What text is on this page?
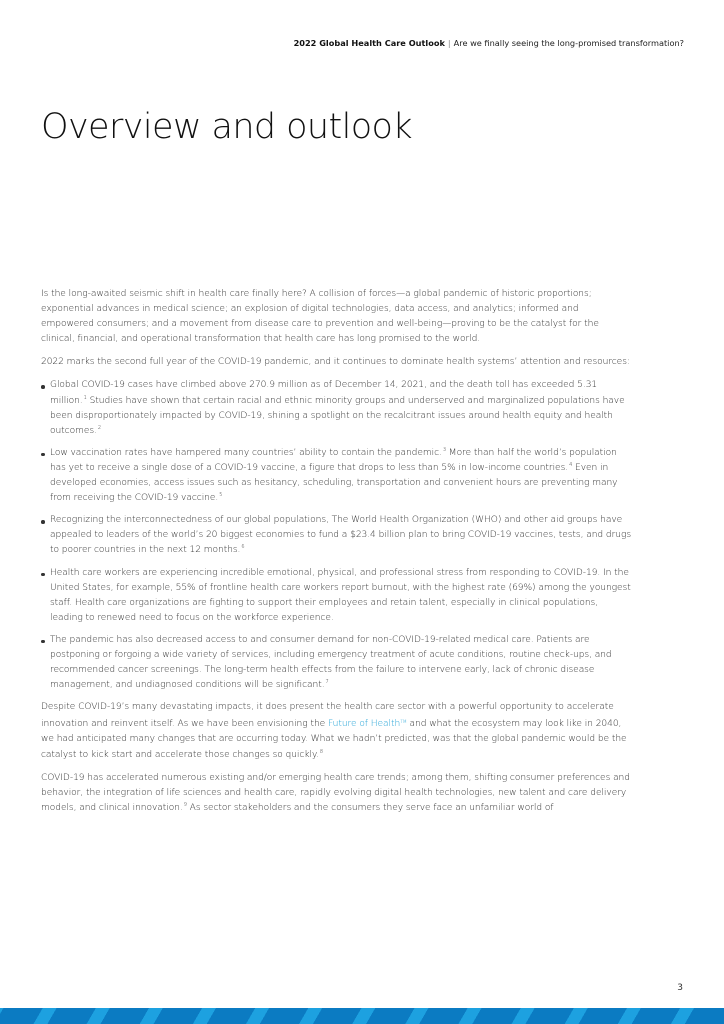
2022 Global Health Care Outlook | Are we finally seeing the long-promised transformation?
Overview and outlook

Is the long-awaited seismic shift in health care finally here? A collision of forces—a global pandemic of historic proportions; exponential advances in medical science; an explosion of digital technologies, data access, and analytics; informed and empowered consumers; and a movement from disease care to prevention and well-being—proving to be the catalyst for the clinical, financial, and operational transformation that health care has long promised to the world.

2022 marks the second full year of the COVID-19 pandemic, and it continues to dominate health systems’ attention and resources:

Global COVID-19 cases have climbed above 270.9 million as of December 14, 2021, and the death toll has exceeded 5.31 million.$^1$ Studies have shown that certain racial and ethnic minority groups and underserved and marginalized populations have been disproportionately impacted by COVID-19, shining a spotlight on the recalcitrant issues around health equity and health outcomes.$^2$
Low vaccination rates have hampered many countries’ ability to contain the pandemic.$^3$ More than half the world’s population has yet to receive a single dose of a COVID-19 vaccine, a figure that drops to less than 5% in low-income countries.$^4$ Even in developed economies, access issues such as hesitancy, scheduling, transportation and convenient hours are preventing many from receiving the COVID-19 vaccine.$^5$
Recognizing the interconnectedness of our global populations, The World Health Organization (WHO) and other aid groups have appealed to leaders of the world’s 20 biggest economies to fund a $23.4 billion plan to bring COVID-19 vaccines, tests, and drugs to poorer countries in the next 12 months.$^6$
Health care workers are experiencing incredible emotional, physical, and professional stress from responding to COVID-19. In the United States, for example, 55% of frontline health care workers report burnout, with the highest rate (69%) among the youngest staff. Health care organizations are fighting to support their employees and retain talent, especially in clinical populations, leading to renewed need to focus on the workforce experience.
The pandemic has also decreased access to and consumer demand for non-COVID-19-related medical care. Patients are postponing or forgoing a wide variety of services, including emergency treatment of acute conditions, routine check-ups, and recommended cancer screenings. The long-term health effects from the failure to intervene early, lack of chronic disease management, and undiagnosed conditions will be significant.$^7$

Despite COVID-19’s many devastating impacts, it does present the health care sector with a powerful opportunity to accelerate innovation and reinvent itself. As we have been envisioning the Future of Health™ and what the ecosystem may look like in 2040, we had anticipated many changes that are occurring today. What we hadn’t predicted, was that the global pandemic would be the catalyst to kick start and accelerate those changes so quickly.$^8$

COVID-19 has accelerated numerous existing and/or emerging health care trends; among them, shifting consumer preferences and behavior, the integration of life sciences and health care, rapidly evolving digital health technologies, new talent and care delivery models, and clinical innovation.$^9$ As sector stakeholders and the consumers they serve face an unfamiliar world of

3
